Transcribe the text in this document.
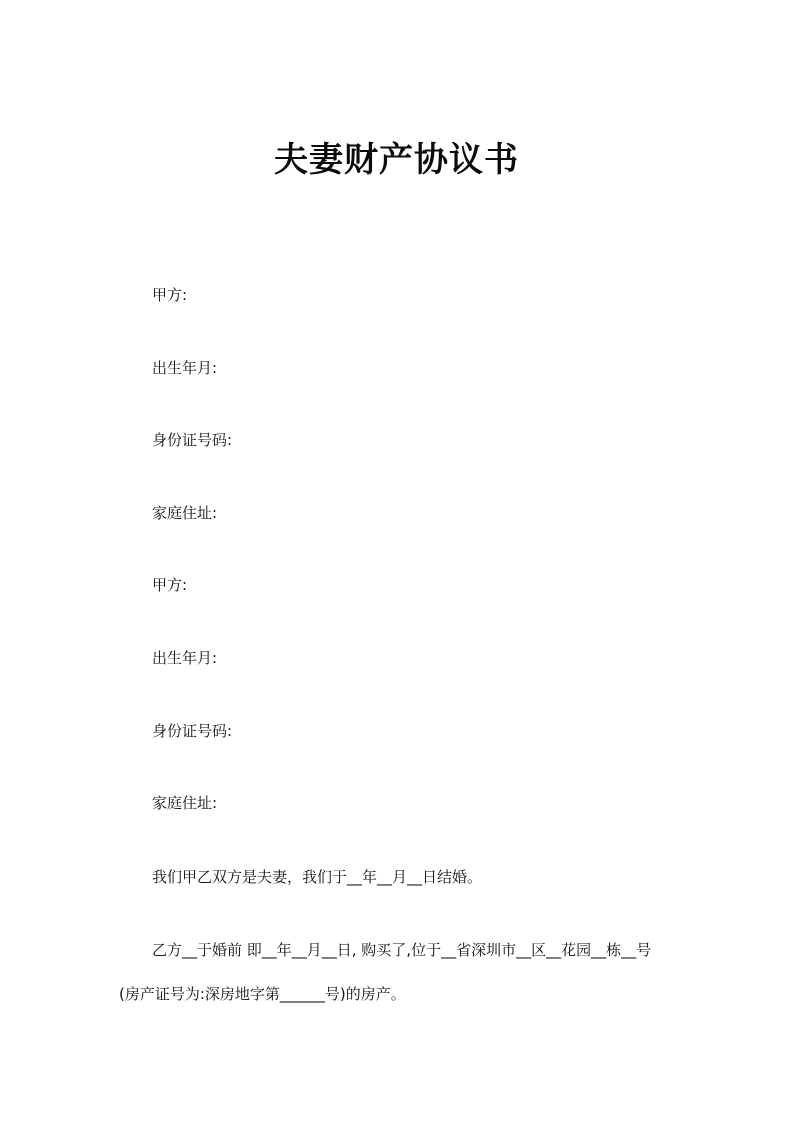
夫妻财产协议书
甲方:
出生年月:
身份证号码:
家庭住址:
甲方:
出生年月:
身份证号码:
家庭住址:
我们甲乙双方是夫妻，我们于__年__月__日结婚。
乙方__于婚前 即__年__月__日, 购买了,位于__省深圳市__区__花园__栋__号
(房产证号为:深房地字第______号)的房产。
